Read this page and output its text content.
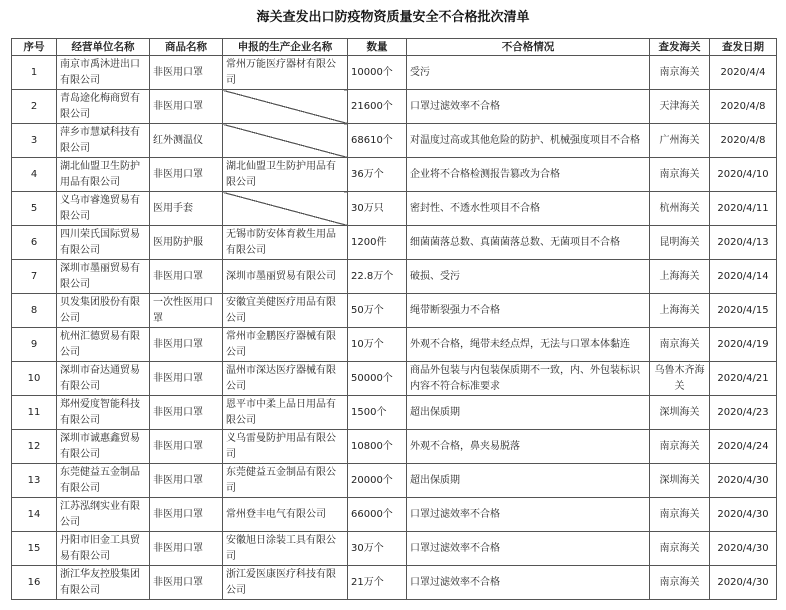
海关查发出口防疫物资质量安全不合格批次清单
序号	经营单位名称	商品名称	申报的生产企业名称	数量	不合格情况	查发海关	查发日期
1	南京市禹沐进出口有限公司	非医用口罩	常州万能医疗器材有限公司	10000个	受污	南京海关	2020/4/4
2	青岛途化梅商贸有限公司	非医用口罩		21600个	口罩过滤效率不合格	天津海关	2020/4/8
3	萍乡市慧斌科技有限公司	红外测温仪		68610个	对温度过高或其他危险的防护、机械强度项目不合格	广州海关	2020/4/8
4	湖北仙盟卫生防护用品有限公司	非医用口罩	湖北仙盟卫生防护用品有限公司	36万个	企业将不合格检测报告篡改为合格	南京海关	2020/4/10
5	义乌市睿逸贸易有限公司	医用手套		30万只	密封性、不透水性项目不合格	杭州海关	2020/4/11
6	四川荣氏国际贸易有限公司	医用防护服	无锡市防安体育救生用品有限公司	1200件	细菌菌落总数、真菌菌落总数、无菌项目不合格	昆明海关	2020/4/13
7	深圳市墨丽贸易有限公司	非医用口罩	深圳市墨丽贸易有限公司	22.8万个	破损、受污	上海海关	2020/4/14
8	贝发集团股份有限公司	一次性医用口罩	安徽宜美健医疗用品有限公司	50万个	绳带断裂强力不合格	上海海关	2020/4/15
9	杭州汇德贸易有限公司	非医用口罩	常州市金鹏医疗器械有限公司	10万个	外观不合格，绳带未经点焊，无法与口罩本体黏连	南京海关	2020/4/19
10	深圳市奋达通贸易有限公司	非医用口罩	温州市深达医疗器械有限公司	50000个	商品外包装与内包装保质期不一致，内、外包装标识内容不符合标准要求	乌鲁木齐海关	2020/4/21
11	郑州爱度智能科技有限公司	非医用口罩	恩平市中柔上品日用品有限公司	1500个	超出保质期	深圳海关	2020/4/23
12	深圳市诚惠鑫贸易有限公司	非医用口罩	义乌雷曼防护用品有限公司	10800个	外观不合格，鼻夹易脱落	南京海关	2020/4/24
13	东莞健益五金制品有限公司	非医用口罩	东莞健益五金制品有限公司	20000个	超出保质期	深圳海关	2020/4/30
14	江苏泓纲实业有限公司	非医用口罩	常州登丰电气有限公司	66000个	口罩过滤效率不合格	南京海关	2020/4/30
15	丹阳市旧金工具贸易有限公司	非医用口罩	安徽旭日涂装工具有限公司	30万个	口罩过滤效率不合格	南京海关	2020/4/30
16	浙江华友控股集团有限公司	非医用口罩	浙江爱医康医疗科技有限公司	21万个	口罩过滤效率不合格	南京海关	2020/4/30
